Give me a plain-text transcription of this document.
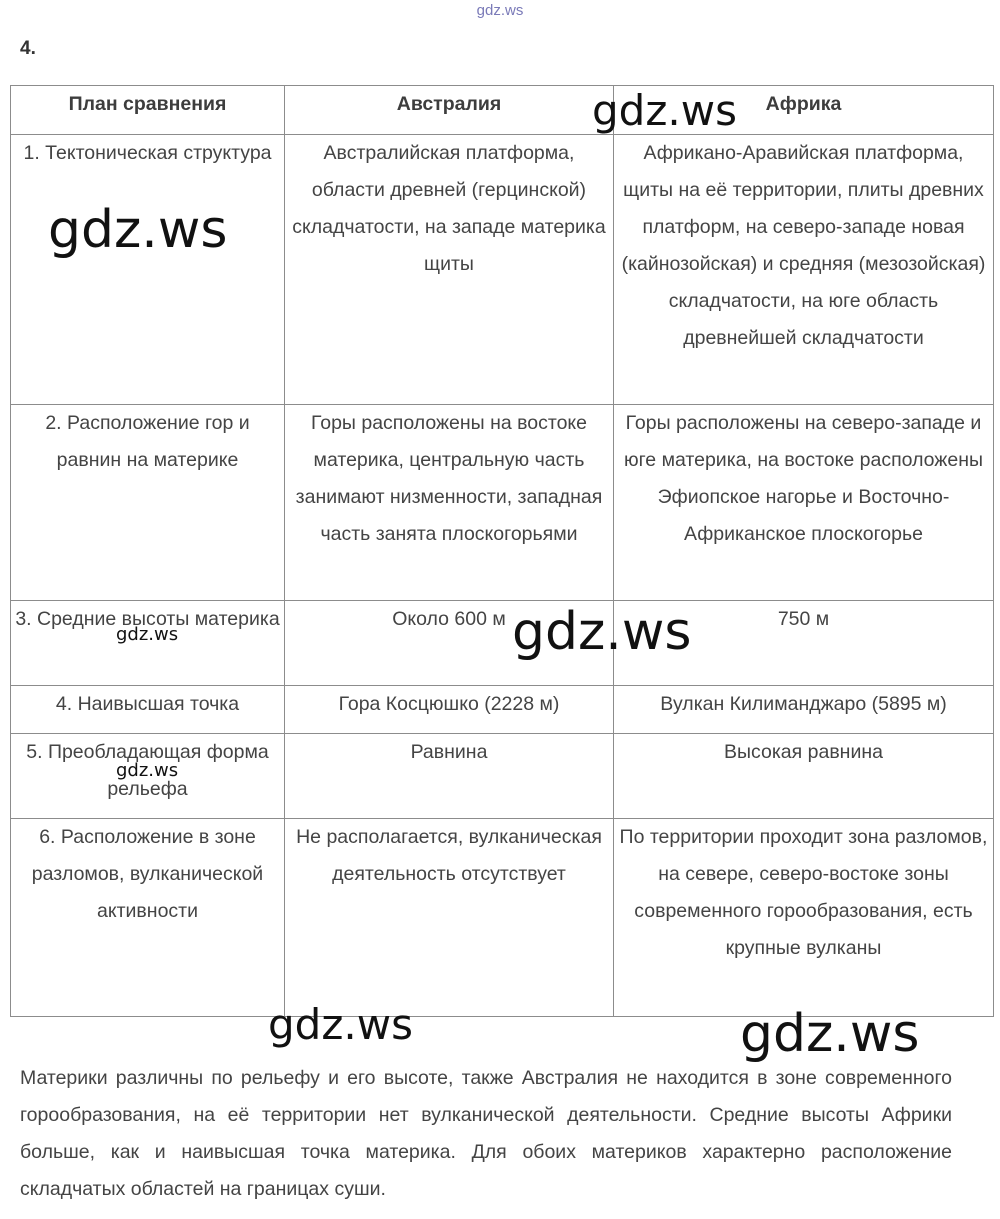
gdz.ws
4.
План сравнения	Австралия	Африка
1. Тектоническая структура	Австралийская платформа, области древней (герцинской) складчатости, на западе материка щиты	Африкано-Аравийская платформа, щиты на её территории, плиты древних платформ, на северо-западе новая (кайнозойская) и средняя (мезозойская) складчатости, на юге область древнейшей складчатости
2. Расположение гор и равнин на материке	Горы расположены на востоке материка, центральную часть занимают низменности, западная часть занята плоскогорьями	Горы расположены на северо-западе и юге материка, на востоке расположены Эфиопское нагорье и Восточно-Африканское плоскогорье
3. Средние высоты материка	Около 600 м	750 м
4. Наивысшая точка	Гора Косцюшко (2228 м)	Вулкан Килиманджаро (5895 м)
5. Преобладающая форма рельефа	Равнина	Высокая равнина
6. Расположение в зоне разломов, вулканической активности	Не располагается, вулканическая деятельность отсутствует	По территории проходит зона разломов, на севере, северо-востоке зоны современного горообразования, есть крупные вулканы
gdz.ws
gdz.ws
gdz.ws
gdz.ws
gdz.ws
gdz.ws	gdz.ws
Материки различны по рельефу и его высоте, также Австралия не находится в зоне современного горообразования, на её территории нет вулканической деятельности. Средние высоты Африки больше, как и наивысшая точка материка. Для обоих материков характерно расположение складчатых областей на границах суши.
